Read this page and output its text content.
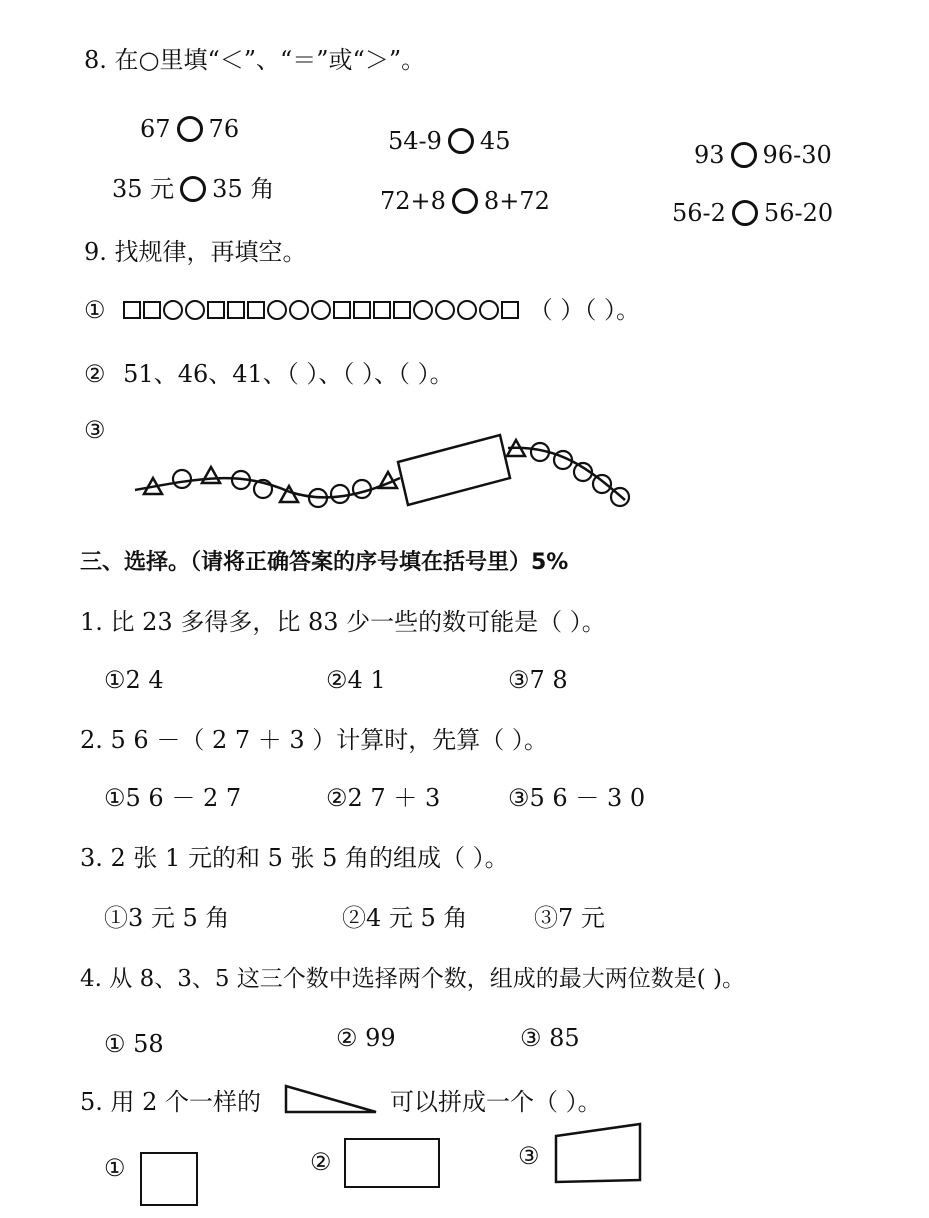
8. 在○里填“＜”、“＝”或“＞”。
67 76	54-9 45	93 96-30
35 元 35 角	72+8 8+72	56-2 56-20
9. 找规律，再填空。
①	（ ）（ ）。
② 51、46、41、（ ）、（ ）、（ ）。
③
三、选择。（请将正确答案的序号填在括号里）5%
1. 比 23 多得多，比 83 少一些的数可能是（ ）。
①2 4	②4 1	③7 8
2. 5 6 －（ 2 7 ＋ 3 ）计算时，先算（ ）。
①5 6 － 2 7	②2 7 ＋ 3	③5 6 － 3 0
3. 2 张 1 元的和 5 张 5 角的组成（ ）。
①3 元 5 角	②4 元 5 角	③7 元
4. 从 8、3、5 这三个数中选择两个数，组成的最大两位数是( )。
① 58	② 99	③ 85
5. 用 2 个一样的	可以拼成一个（ ）。
①	②	③
